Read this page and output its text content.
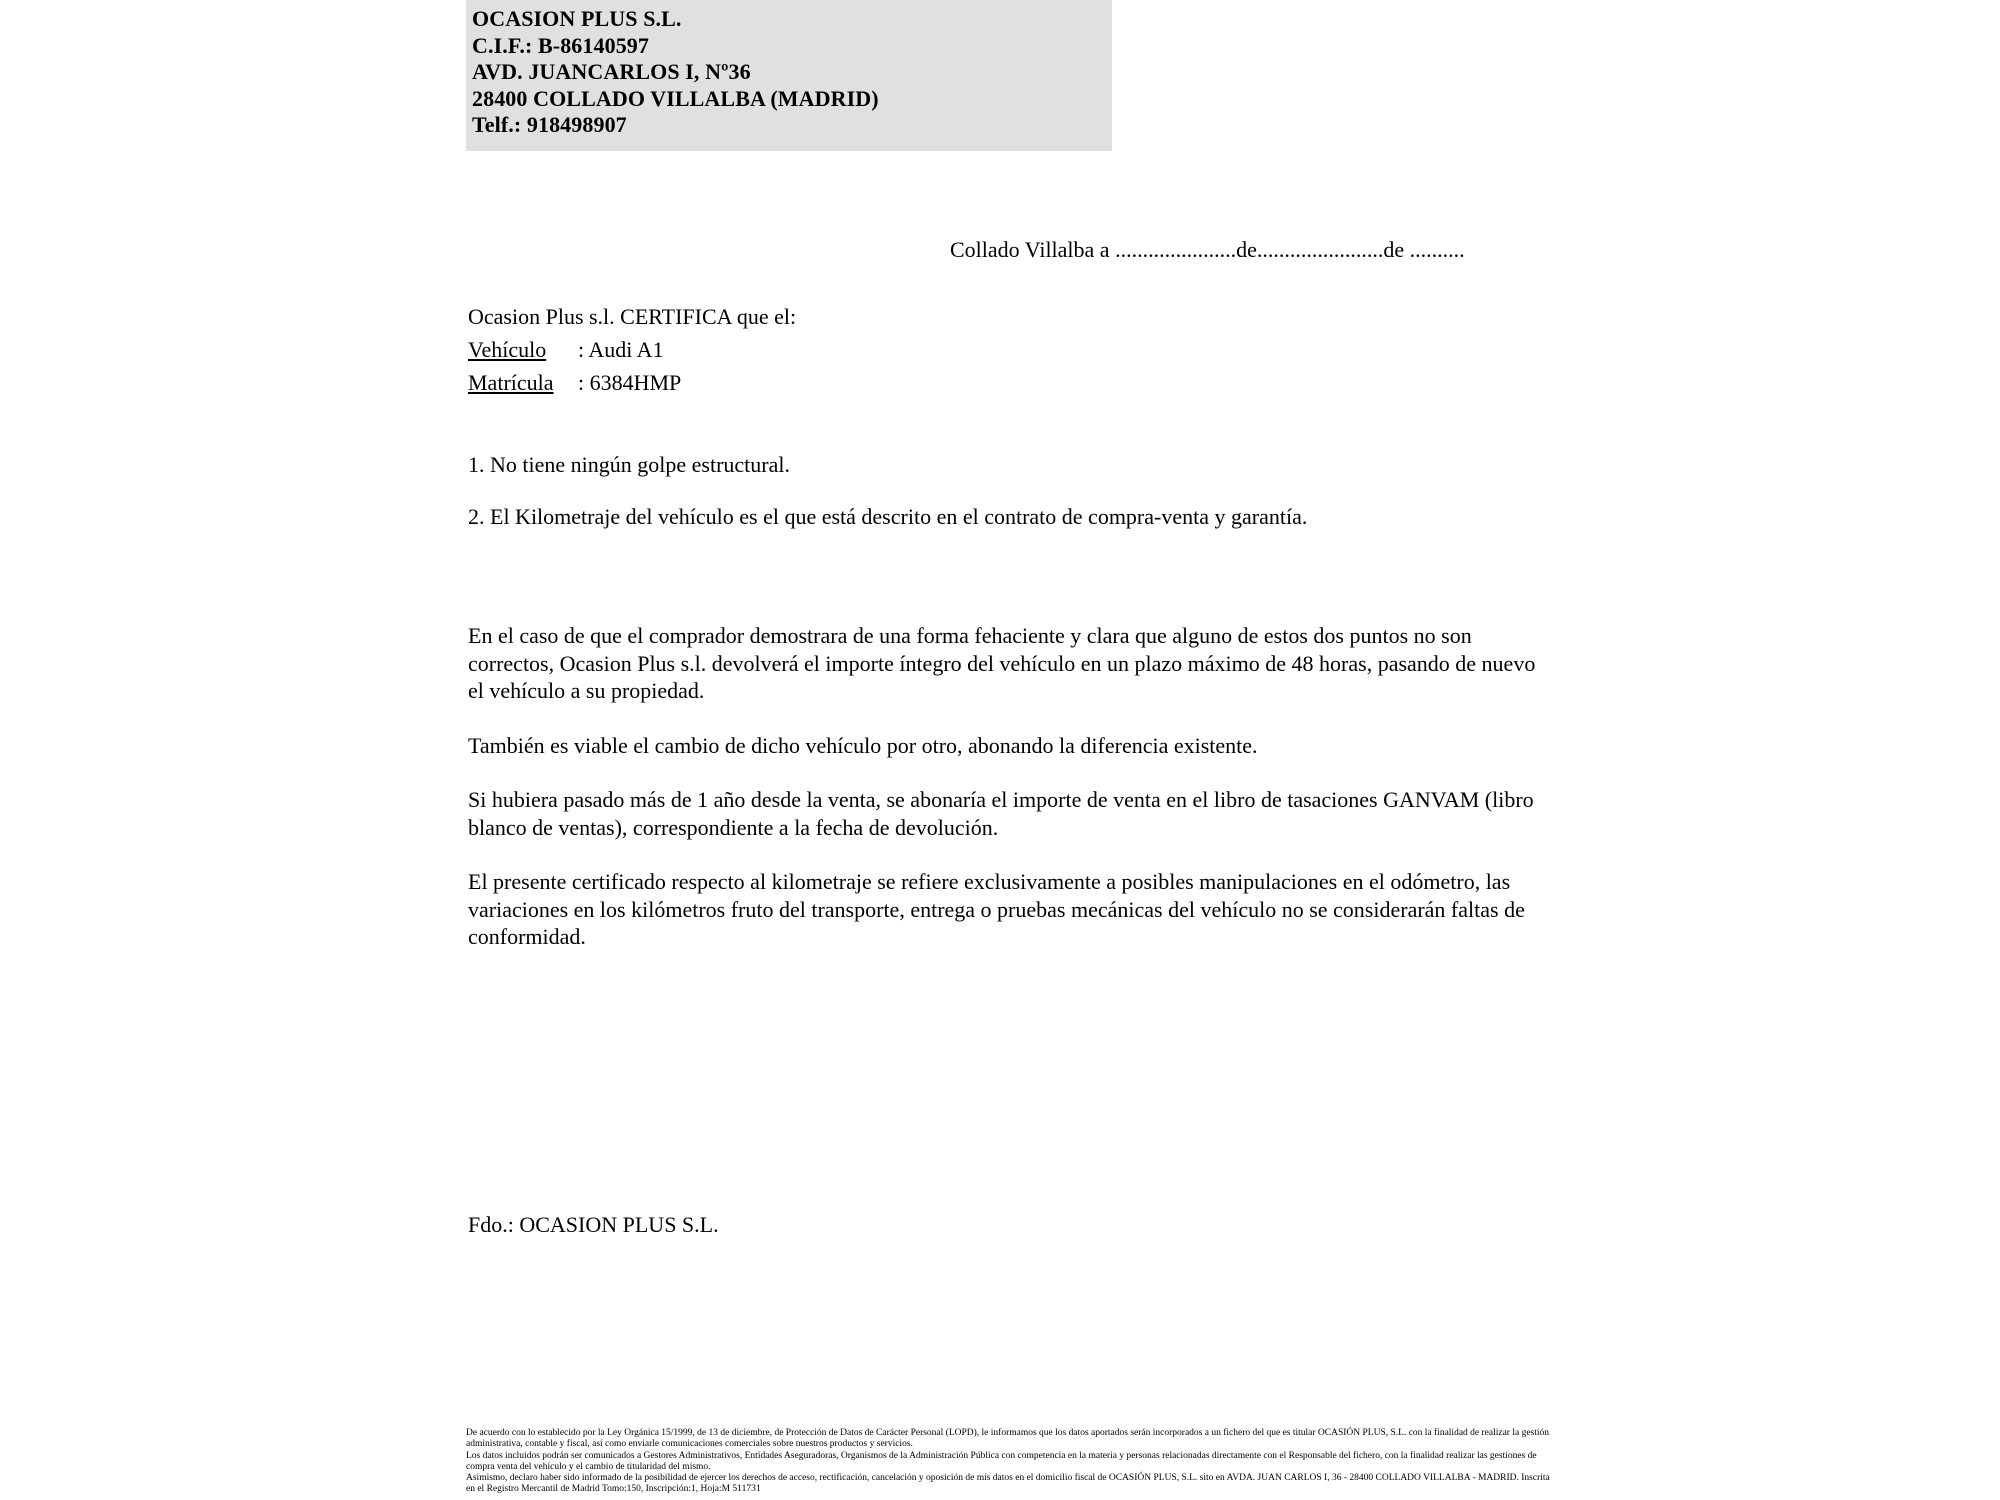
OCASION PLUS S.L.
C.I.F.: B-86140597
AVD. JUANCARLOS I, Nº36
28400 COLLADO VILLALBA (MADRID)
Telf.: 918498907
Collado Villalba a ......................de.......................de ..........
Ocasion Plus s.l. CERTIFICA que el:
Vehículo : Audi A1
Matrícula : 6384HMP
1. No tiene ningún golpe estructural.
2. El Kilometraje del vehículo es el que está descrito en el contrato de compra-venta y garantía.

En el caso de que el comprador demostrara de una forma fehaciente y clara que alguno de estos dos puntos no son correctos, Ocasion Plus s.l. devolverá el importe íntegro del vehículo en un plazo máximo de 48 horas, pasando de nuevo el vehículo a su propiedad.

También es viable el cambio de dicho vehículo por otro, abonando la diferencia existente.

Si hubiera pasado más de 1 año desde la venta, se abonaría el importe de venta en el libro de tasaciones GANVAM (libro blanco de ventas), correspondiente a la fecha de devolución.

El presente certificado respecto al kilometraje se refiere exclusivamente a posibles manipulaciones en el odómetro, las variaciones en los kilómetros fruto del transporte, entrega o pruebas mecánicas del vehículo no se considerarán faltas de conformidad.

Fdo.: OCASION PLUS S.L.

De acuerdo con lo establecido por la Ley Orgánica 15/1999, de 13 de diciembre, de Protección de Datos de Carácter Personal (LOPD), le informamos que los datos aportados serán incorporados a un fichero del que es titular OCASIÓN PLUS, S.L. con la finalidad de realizar la gestión administrativa, contable y fiscal, así como enviarle comunicaciones comerciales sobre nuestros productos y servicios.

Los datos incluidos podrán ser comunicados a Gestores Administrativos, Entidades Aseguradoras, Organismos de la Administración Pública con competencia en la materia y personas relacionadas directamente con el Responsable del fichero, con la finalidad realizar las gestiones de compra venta del vehículo y el cambio de titularidad del mismo.

Asimismo, declaro haber sido informado de la posibilidad de ejercer los derechos de acceso, rectificación, cancelación y oposición de mis datos en el domicilio fiscal de OCASIÓN PLUS, S.L. sito en AVDA. JUAN CARLOS I, 36 - 28400 COLLADO VILLALBA - MADRID. Inscrita en el Registro Mercantil de Madrid Tomo:150, Inscripción:1, Hoja:M 511731
